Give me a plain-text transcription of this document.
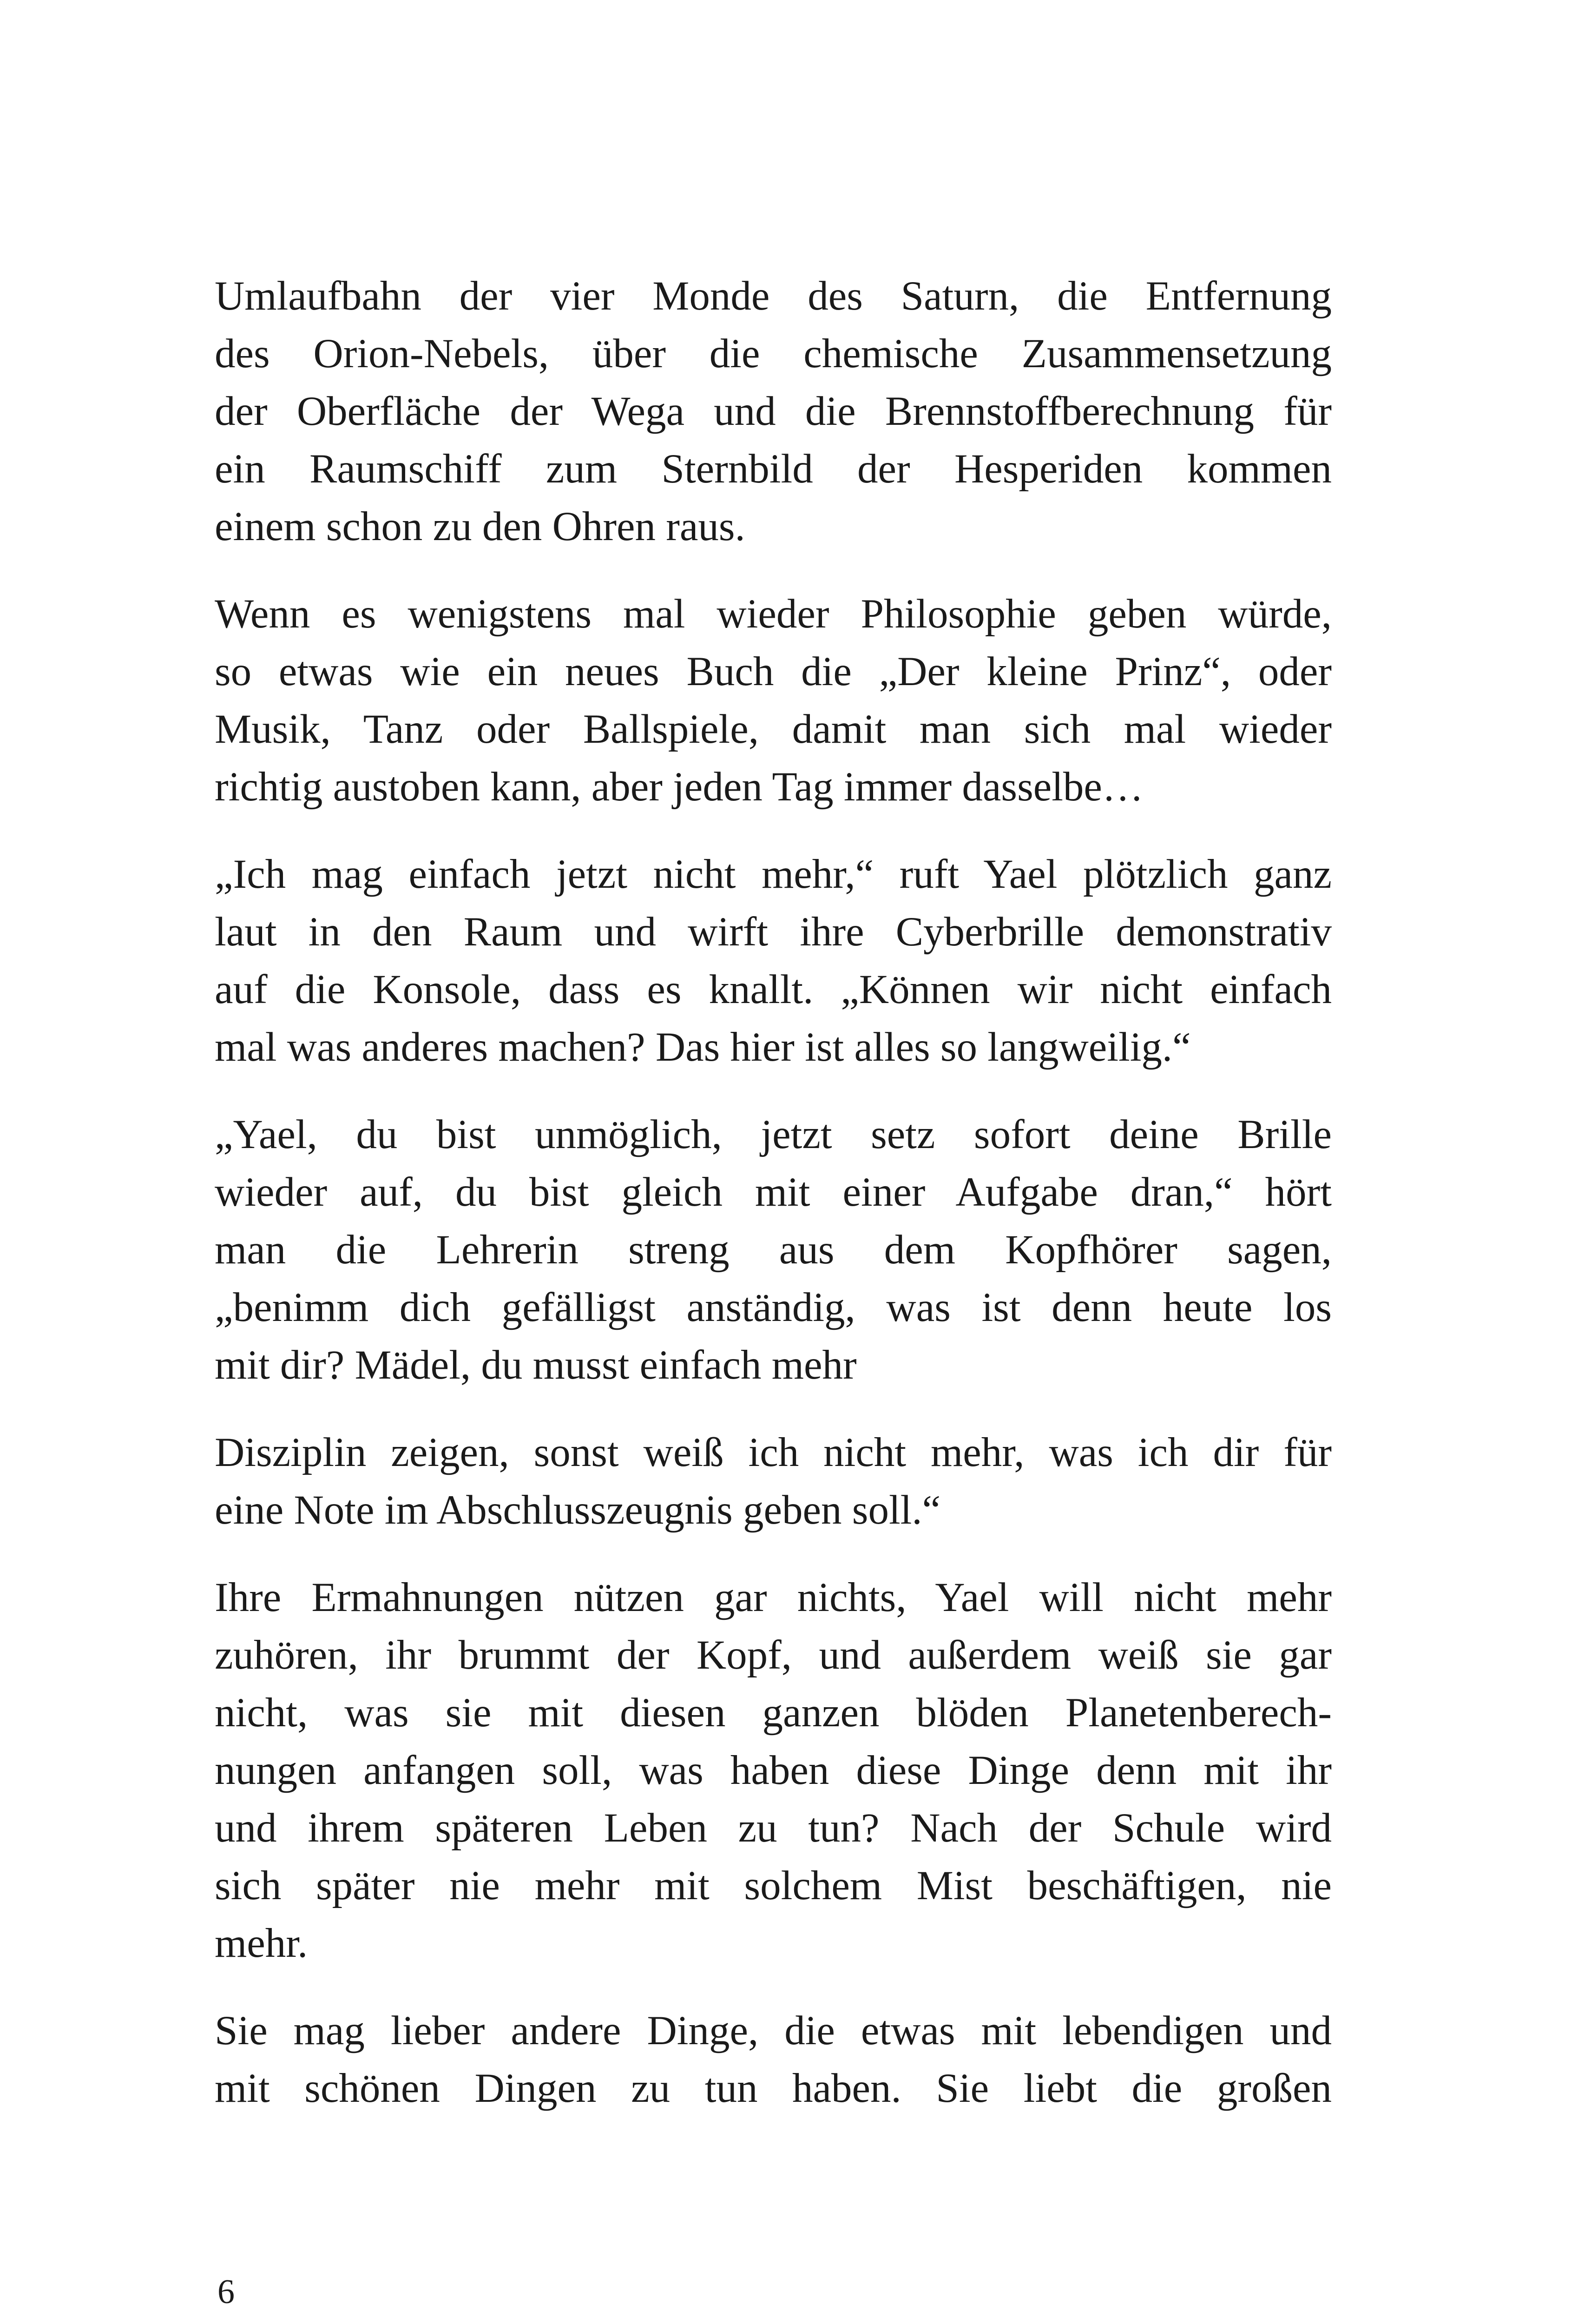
Umlaufbahn der vier Monde des Saturn, die Entfernung
des Orion-Nebels, über die chemische Zusammensetzung
der Oberfläche der Wega und die Brennstoffberechnung für
ein Raumschiff zum Sternbild der Hesperiden kommen
einem schon zu den Ohren raus.

Wenn es wenigstens mal wieder Philosophie geben würde,
so etwas wie ein neues Buch die „Der kleine Prinz“, oder
Musik, Tanz oder Ballspiele, damit man sich mal wieder
richtig austoben kann, aber jeden Tag immer dasselbe…

„Ich mag einfach jetzt nicht mehr,“ ruft Yael plötzlich ganz
laut in den Raum und wirft ihre Cyberbrille demonstrativ
auf die Konsole, dass es knallt. „Können wir nicht einfach
mal was anderes machen? Das hier ist alles so langweilig.“

„Yael, du bist unmöglich, jetzt setz sofort deine Brille
wieder auf, du bist gleich mit einer Aufgabe dran,“ hört
man die Lehrerin streng aus dem Kopfhörer sagen,
„benimm dich gefälligst anständig, was ist denn heute los
mit dir? Mädel, du musst einfach mehr

Disziplin zeigen, sonst weiß ich nicht mehr, was ich dir für
eine Note im Abschlusszeugnis geben soll.“

Ihre Ermahnungen nützen gar nichts, Yael will nicht mehr
zuhören, ihr brummt der Kopf, und außerdem weiß sie gar
nicht, was sie mit diesen ganzen blöden Planetenberech-
nungen anfangen soll, was haben diese Dinge denn mit ihr
und ihrem späteren Leben zu tun? Nach der Schule wird
sich später nie mehr mit solchem Mist beschäftigen, nie
mehr.

Sie mag lieber andere Dinge, die etwas mit lebendigen und
mit schönen Dingen zu tun haben. Sie liebt die großen

6
